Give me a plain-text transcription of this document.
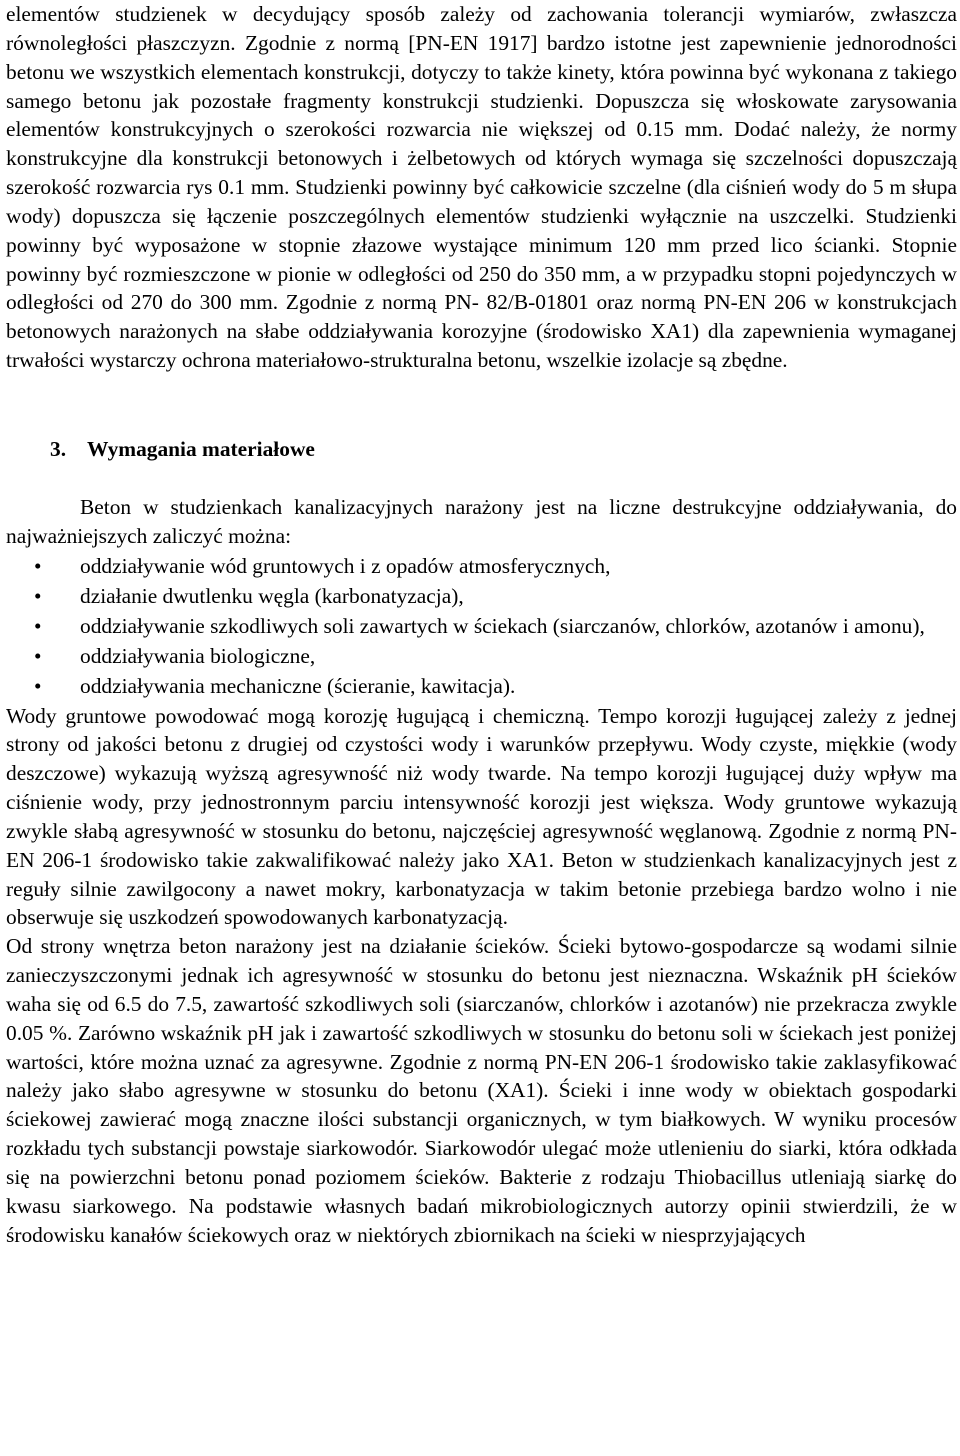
elementów studzienek w decydujący sposób zależy od zachowania tolerancji wymiarów, zwłaszcza równoległości płaszczyzn. Zgodnie z normą [PN-EN 1917] bardzo istotne jest zapewnienie jednorodności betonu we wszystkich elementach konstrukcji, dotyczy to także kinety, która powinna być wykonana z takiego samego betonu jak pozostałe fragmenty konstrukcji studzienki. Dopuszcza się włoskowate zarysowania elementów konstrukcyjnych o szerokości rozwarcia nie większej od 0.15 mm. Dodać należy, że normy konstrukcyjne dla konstrukcji betonowych i żelbetowych od których wymaga się szczelności dopuszczają szerokość rozwarcia rys 0.1 mm. Studzienki powinny być całkowicie szczelne (dla ciśnień wody do 5 m słupa wody) dopuszcza się łączenie poszczególnych elementów studzienki wyłącznie na uszczelki. Studzienki powinny być wyposażone w stopnie złazowe wystające minimum 120 mm przed lico ścianki. Stopnie powinny być rozmieszczone w pionie w odległości od 250 do 350 mm, a w przypadku stopni pojedynczych w odległości od 270 do 300 mm. Zgodnie z normą PN- 82/B-01801 oraz normą PN-EN 206 w konstrukcjach betonowych narażonych na słabe oddziaływania korozyjne (środowisko XA1) dla zapewnienia wymaganej trwałości wystarczy ochrona materiałowo-strukturalna betonu, wszelkie izolacje są zbędne.

3. Wymagania materiałowe

Beton w studzienkach kanalizacyjnych narażony jest na liczne destrukcyjne oddziaływania, do najważniejszych zaliczyć można:

• oddziaływanie wód gruntowych i z opadów atmosferycznych,
• działanie dwutlenku węgla (karbonatyzacja),
• oddziaływanie szkodliwych soli zawartych w ściekach (siarczanów, chlorków, azotanów i amonu),
• oddziaływania biologiczne,
• oddziaływania mechaniczne (ścieranie, kawitacja).

Wody gruntowe powodować mogą korozję ługującą i chemiczną. Tempo korozji ługującej zależy z jednej strony od jakości betonu z drugiej od czystości wody i warunków przepływu. Wody czyste, miękkie (wody deszczowe) wykazują wyższą agresywność niż wody twarde. Na tempo korozji ługującej duży wpływ ma ciśnienie wody, przy jednostronnym parciu intensywność korozji jest większa. Wody gruntowe wykazują zwykle słabą agresywność w stosunku do betonu, najczęściej agresywność węglanową. Zgodnie z normą PN-EN 206-1 środowisko takie zakwalifikować należy jako XA1. Beton w studzienkach kanalizacyjnych jest z reguły silnie zawilgocony a nawet mokry, karbonatyzacja w takim betonie przebiega bardzo wolno i nie obserwuje się uszkodzeń spowodowanych karbonatyzacją.

Od strony wnętrza beton narażony jest na działanie ścieków. Ścieki bytowo-gospodarcze są wodami silnie zanieczyszczonymi jednak ich agresywność w stosunku do betonu jest nieznaczna. Wskaźnik pH ścieków waha się od 6.5 do 7.5, zawartość szkodliwych soli (siarczanów, chlorków i azotanów) nie przekracza zwykle 0.05 %. Zarówno wskaźnik pH jak i zawartość szkodliwych w stosunku do betonu soli w ściekach jest poniżej wartości, które można uznać za agresywne. Zgodnie z normą PN-EN 206-1 środowisko takie zaklasyfikować należy jako słabo agresywne w stosunku do betonu (XA1). Ścieki i inne wody w obiektach gospodarki ściekowej zawierać mogą znaczne ilości substancji organicznych, w tym białkowych. W wyniku procesów rozkładu tych substancji powstaje siarkowodór. Siarkowodór ulegać może utlenieniu do siarki, która odkłada się na powierzchni betonu ponad poziomem ścieków. Bakterie z rodzaju Thiobacillus utleniają siarkę do kwasu siarkowego. Na podstawie własnych badań mikrobiologicznych autorzy opinii stwierdzili, że w środowisku kanałów ściekowych oraz w niektórych zbiornikach na ścieki w niesprzyjających
